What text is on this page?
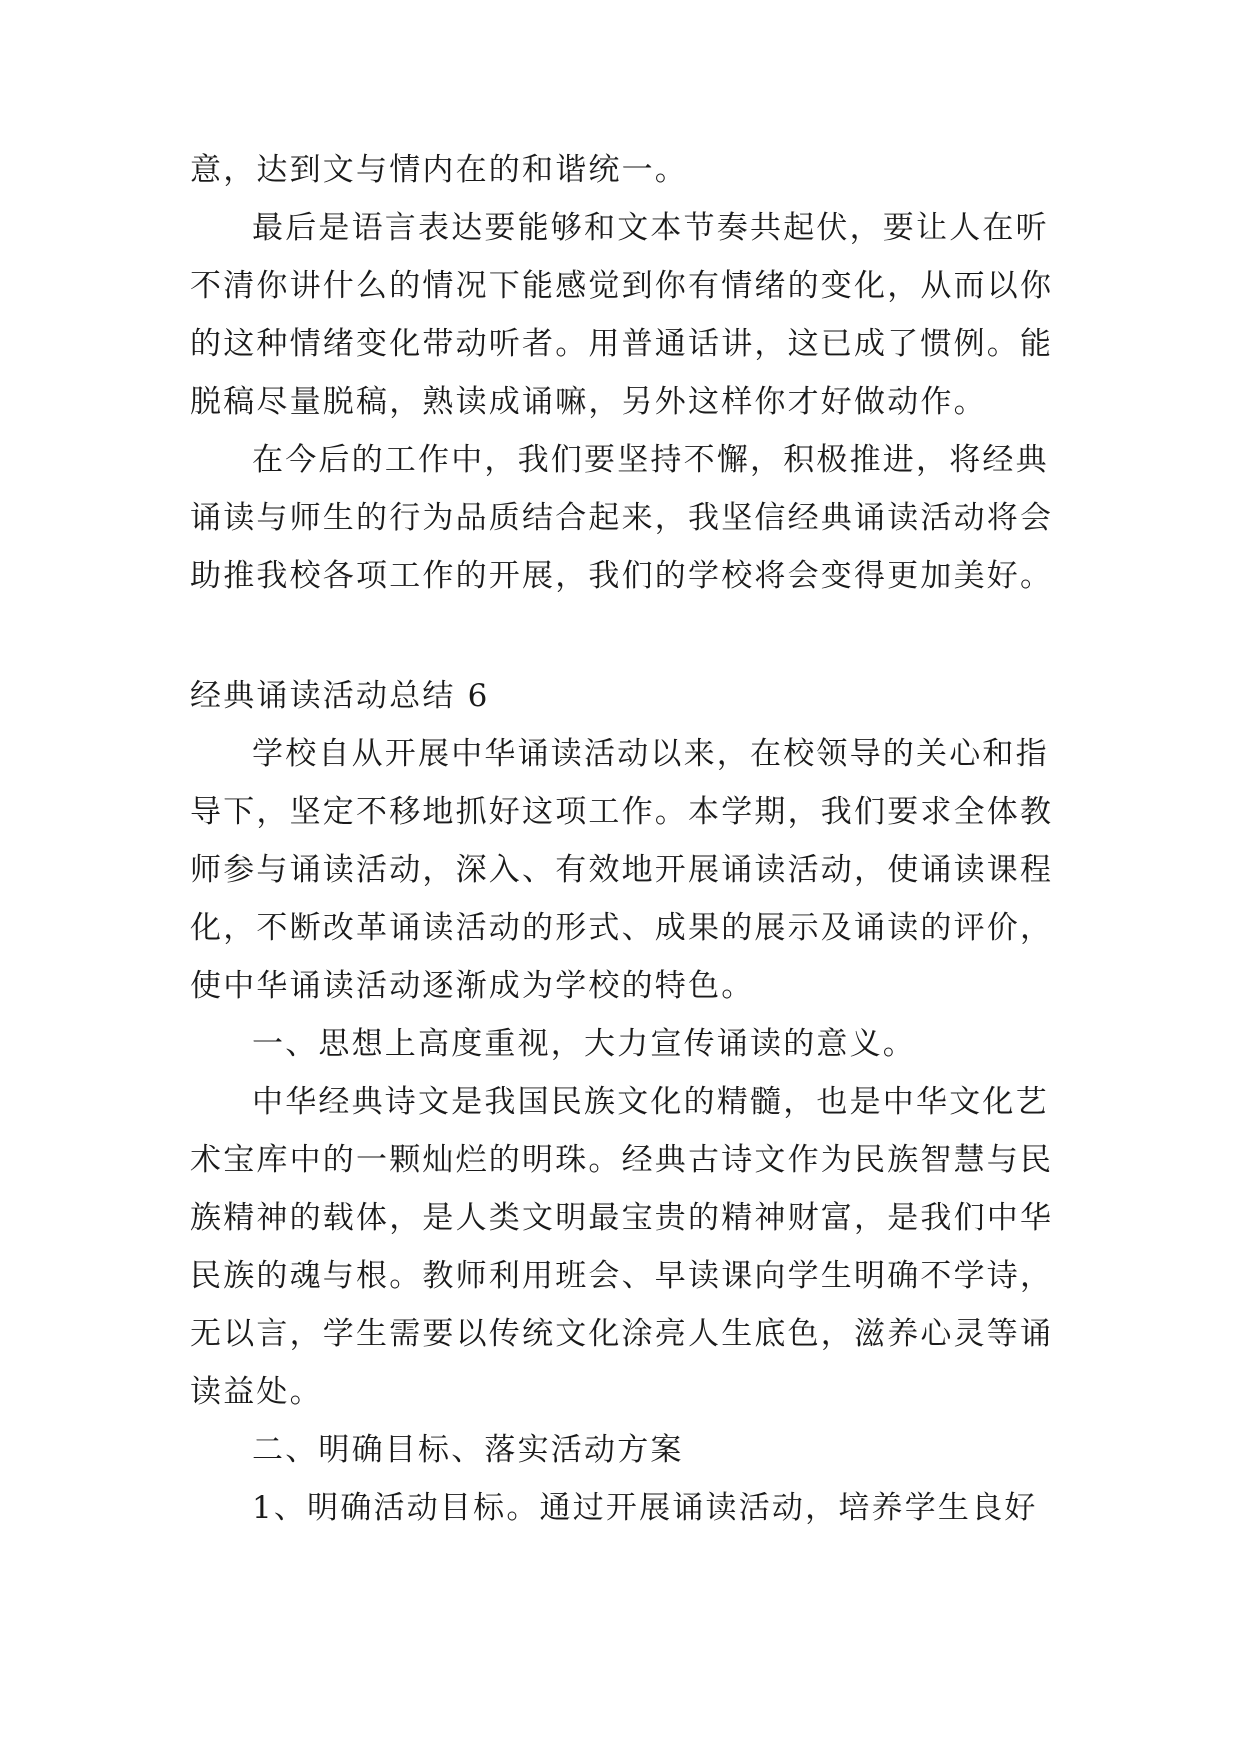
意，达到文与情内在的和谐统一。
最后是语言表达要能够和文本节奏共起伏，要让人在听
不清你讲什么的情况下能感觉到你有情绪的变化，从而以你
的这种情绪变化带动听者。用普通话讲，这已成了惯例。能
脱稿尽量脱稿，熟读成诵嘛，另外这样你才好做动作。
在今后的工作中，我们要坚持不懈，积极推进，将经典
诵读与师生的行为品质结合起来，我坚信经典诵读活动将会
助推我校各项工作的开展，我们的学校将会变得更加美好。
经典诵读活动总结 6
学校自从开展中华诵读活动以来，在校领导的关心和指
导下，坚定不移地抓好这项工作。本学期，我们要求全体教
师参与诵读活动，深入、有效地开展诵读活动，使诵读课程
化，不断改革诵读活动的形式、成果的展示及诵读的评价，
使中华诵读活动逐渐成为学校的特色。
一、思想上高度重视，大力宣传诵读的意义。
中华经典诗文是我国民族文化的精髓，也是中华文化艺
术宝库中的一颗灿烂的明珠。经典古诗文作为民族智慧与民
族精神的载体，是人类文明最宝贵的精神财富，是我们中华
民族的魂与根。教师利用班会、早读课向学生明确不学诗，
无以言，学生需要以传统文化涂亮人生底色，滋养心灵等诵
读益处。
二、明确目标、落实活动方案
1、明确活动目标。通过开展诵读活动，培养学生良好
